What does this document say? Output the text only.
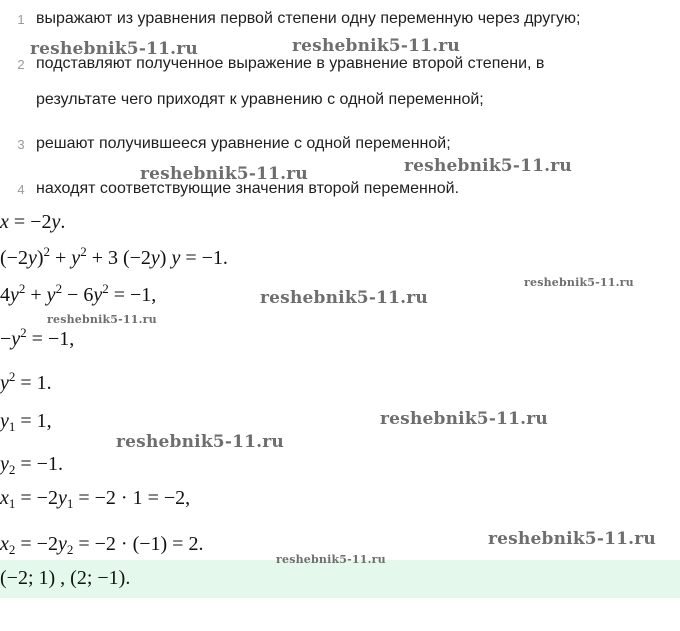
1 выражают из уравнения первой степени одну переменную через другую;
2 подставляют полученное выражение в уравнение второй степени, в
результате чего приходят к уравнению с одной переменной;
3 решают получившееся уравнение с одной переменной;
4 находят соответствующие значения второй переменной.
x = −2y.
$(-2y)^2 + y^2 + 3$ (−2y) y = −1.
$4y^2 + y^2 - 6y^2 = -1$,
$-y^2 = -1$,
$y^2 = 1$.
$y_1 = 1$,
$y_2 = -1$.
$x_1 = -2y_1 = -2 \cdot 1 = -2$,
$x_2 = -2y_2 = -2 \cdot (-1) = 2$.
(−2; 1) , (2; −1).
reshebnik5-11.ru	reshebnik5-11.ru
reshebnik5-11.ru	reshebnik5-11.ru
reshebnik5-11.ru
reshebnik5-11.ru
reshebnik5-11.ru
reshebnik5-11.ru
reshebnik5-11.ru
reshebnik5-11.ru
reshebnik5-11.ru
